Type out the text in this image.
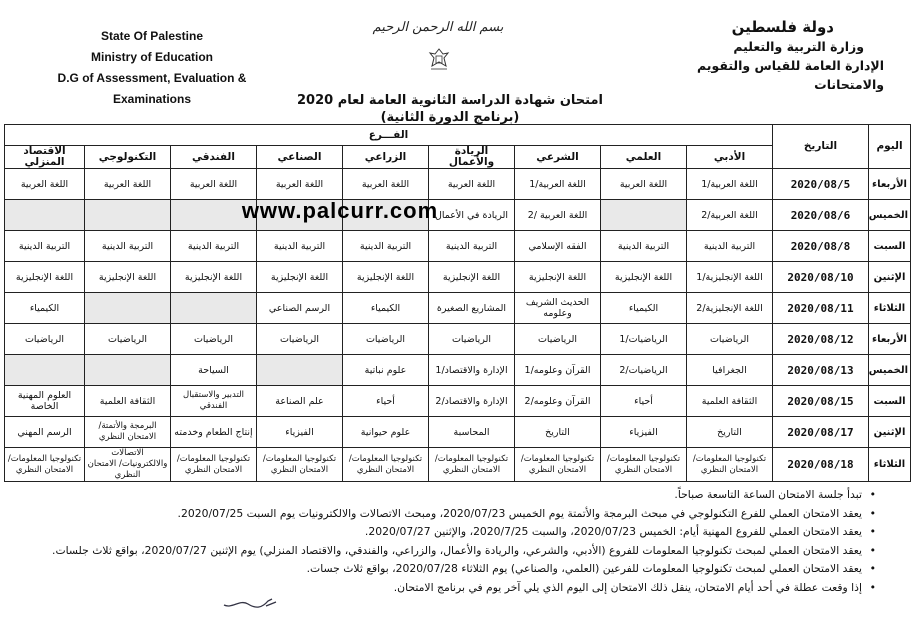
State Of Palestine
Ministry of Education
D.G of Assessment, Evaluation & Examinations
بسم الله الرحمن الرحيم	دولة فلسطين
وزارة التربية والتعليم
الإدارة العامة للقياس والتقويم والامتحانات
امتحان شهادة الدراسة الثانوية العامة لعام 2020
(برنامج الدورة الثانية)
اليوم	التاريخ	الفـــرع								
		الأدبي	العلمي	الشرعي	الريادة والأعمال	الزراعي	الصناعي	الفندقي	التكنولوجي	الاقتصاد المنزلي
الأربعاء	2020/08/5	اللغة العربية/1	اللغة العربية	اللغة العربية/1	اللغة العربية	اللغة العربية	اللغة العربية	اللغة العربية	اللغة العربية	اللغة العربية
الخميس	2020/08/6	اللغة العربية/2		اللغة العربية /2	الريادة في الأعمال					
السبت	2020/08/8	التربية الدينية	التربية الدينية	الفقه الإسلامي	التربية الدينية	التربية الدينية	التربية الدينية	التربية الدينية	التربية الدينية	التربية الدينية
الإثنين	2020/08/10	اللغة الإنجليزية/1	اللغة الإنجليزية	اللغة الإنجليزية	اللغة الإنجليزية	اللغة الإنجليزية	اللغة الإنجليزية	اللغة الإنجليزية	اللغة الإنجليزية	اللغة الإنجليزية
الثلاثاء	2020/08/11	اللغة الإنجليزية/2	الكيمياء	الحديث الشريف وعلومه	المشاريع الصغيرة	الكيمياء	الرسم الصناعي			الكيمياء
الأربعاء	2020/08/12	الرياضيات	الرياضيات/1	الرياضيات	الرياضيات	الرياضيات	الرياضيات	الرياضيات	الرياضيات	الرياضيات
الخميس	2020/08/13	الجغرافيا	الرياضيات/2	القرآن وعلومه/1	الإدارة والاقتصاد/1	علوم نباتية		السياحة		
السبت	2020/08/15	الثقافة العلمية	أحياء	القرآن وعلومه/2	الإدارة والاقتصاد/2	أحياء	علم الصناعة	التدبير والاستقبال الفندقي	الثقافة العلمية	العلوم المهنية الخاصة
الإثنين	2020/08/17	التاريخ	الفيزياء	التاريخ	المحاسبة	علوم حيوانية	الفيزياء	إنتاج الطعام وخدمته	البرمجة والأتمتة/ الامتحان النظري	الرسم المهني
الثلاثاء	2020/08/18	تكنولوجيا المعلومات/ الامتحان النظري	تكنولوجيا المعلومات/ الامتحان النظري	تكنولوجيا المعلومات/ الامتحان النظري	تكنولوجيا المعلومات/ الامتحان النظري	تكنولوجيا المعلومات/ الامتحان النظري	تكنولوجيا المعلومات/ الامتحان النظري	تكنولوجيا المعلومات/ الامتحان النظري	الاتصالات والالكترونيات/ الامتحان النظري	تكنولوجيا المعلومات/ الامتحان النظري
www.palcurr.com
• تبدأ جلسة الامتحان الساعة التاسعة صباحاً.
• يعقد الامتحان العملي للفرع التكنولوجي في مبحث البرمجة والأتمتة يوم الخميس 2020/07/23، ومبحث الاتصالات والالكترونيات يوم السبت 2020/07/25.
• يعقد الامتحان العملي للفروع المهنية أيام: الخميس 2020/07/23، والسبت 2020/7/25، والإثنين 2020/07/27.
• يعقد الامتحان العملي لمبحث تكنولوجيا المعلومات للفروع (الأدبي، والشرعي، والريادة والأعمال، والزراعي، والفندقي، والاقتصاد المنزلي) يوم الإثنين 2020/07/27، بواقع ثلاث جلسات.
• يعقد الامتحان العملي لمبحث تكنولوجيا المعلومات للفرعين (العلمي، والصناعي) يوم الثلاثاء 2020/07/28، بواقع ثلاث جسات.
• إذا وقعت عطلة في أحد أيام الامتحان، ينقل ذلك الامتحان إلى اليوم الذي يلي آخر يوم في برنامج الامتحان.
